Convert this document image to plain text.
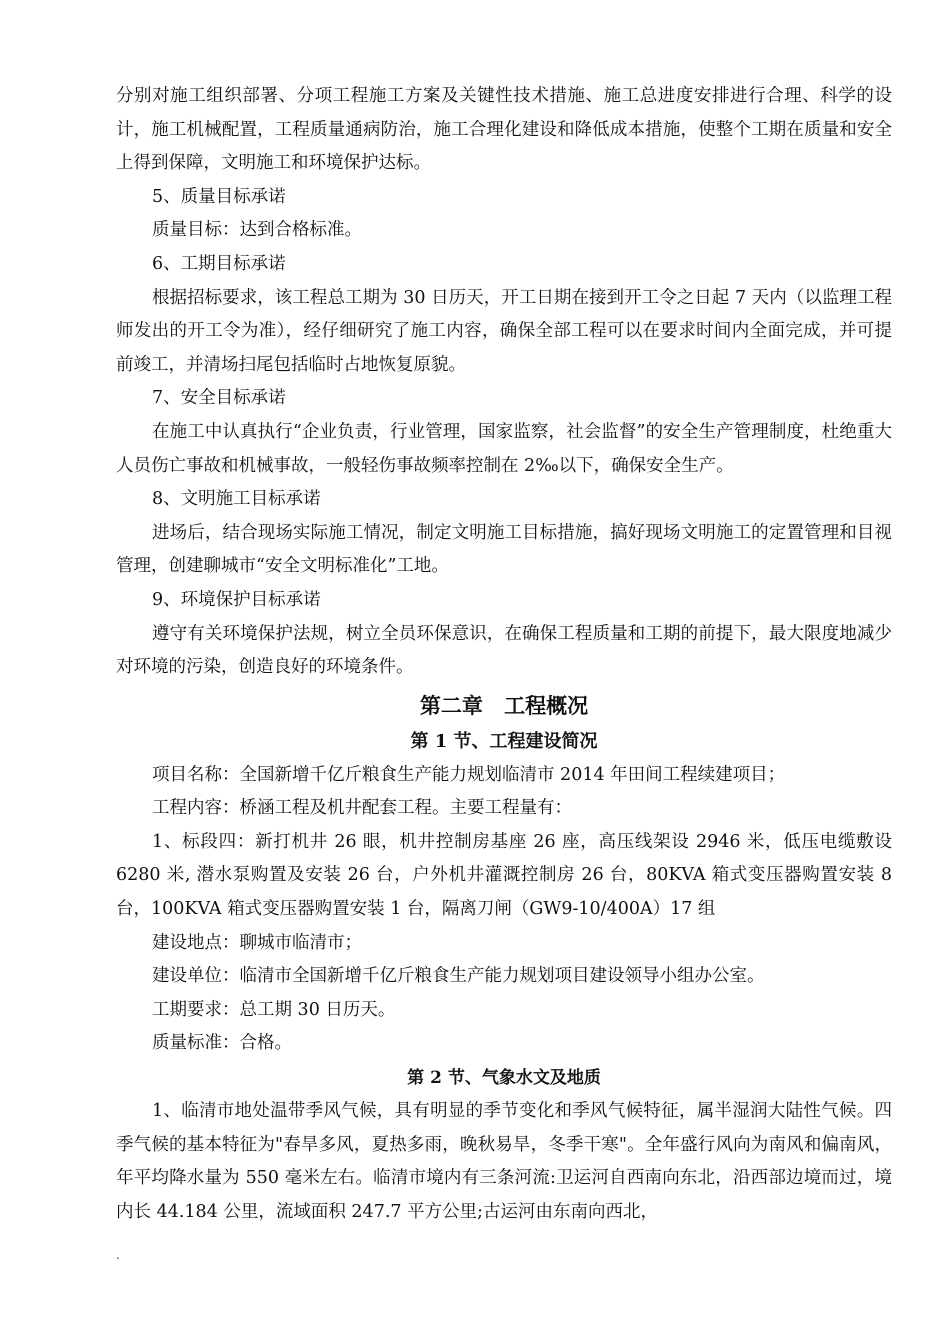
分别对施工组织部署、分项工程施工方案及关键性技术措施、施工总进度安排进行合理、科学的设计，施工机械配置，工程质量通病防治，施工合理化建设和降低成本措施，使整个工期在质量和安全上得到保障，文明施工和环境保护达标。

5、质量目标承诺

质量目标：达到合格标准。

6、工期目标承诺

根据招标要求，该工程总工期为 30 日历天，开工日期在接到开工令之日起 7 天内（以监理工程师发出的开工令为准），经仔细研究了施工内容，确保全部工程可以在要求时间内全面完成，并可提前竣工，并清场扫尾包括临时占地恢复原貌。

7、安全目标承诺

在施工中认真执行“企业负责，行业管理，国家监察，社会监督”的安全生产管理制度，杜绝重大人员伤亡事故和机械事故，一般轻伤事故频率控制在 2‰以下，确保安全生产。

8、文明施工目标承诺

进场后，结合现场实际施工情况，制定文明施工目标措施，搞好现场文明施工的定置管理和目视管理，创建聊城市“安全文明标准化”工地。

9、环境保护目标承诺

遵守有关环境保护法规，树立全员环保意识，在确保工程质量和工期的前提下，最大限度地减少对环境的污染，创造良好的环境条件。

第二章 工程概况
第 1 节、工程建设简况

项目名称：全国新增千亿斤粮食生产能力规划临清市 2014 年田间工程续建项目；

工程内容：桥涵工程及机井配套工程。主要工程量有：

1、标段四：新打机井 26 眼，机井控制房基座 26 座，高压线架设 2946 米，低压电缆敷设 6280 米, 潜水泵购置及安装 26 台，户外机井灌溉控制房 26 台，80KVA 箱式变压器购置安装 8 台，100KVA 箱式变压器购置安装 1 台，隔离刀闸（GW9-10/400A）17 组

建设地点：聊城市临清市；

建设单位：临清市全国新增千亿斤粮食生产能力规划项目建设领导小组办公室。

工期要求：总工期 30 日历天。

质量标准：合格。

第 2 节、气象水文及地质

1、临清市地处温带季风气候，具有明显的季节变化和季风气候特征，属半湿润大陆性气候。四季气候的基本特征为"春旱多风，夏热多雨，晚秋易旱，冬季干寒"。全年盛行风向为南风和偏南风，年平均降水量为 550 毫米左右。临清市境内有三条河流:卫运河自西南向东北，沿西部边境而过，境内长 44.184 公里，流域面积 247.7 平方公里;古运河由东南向西北，

.
